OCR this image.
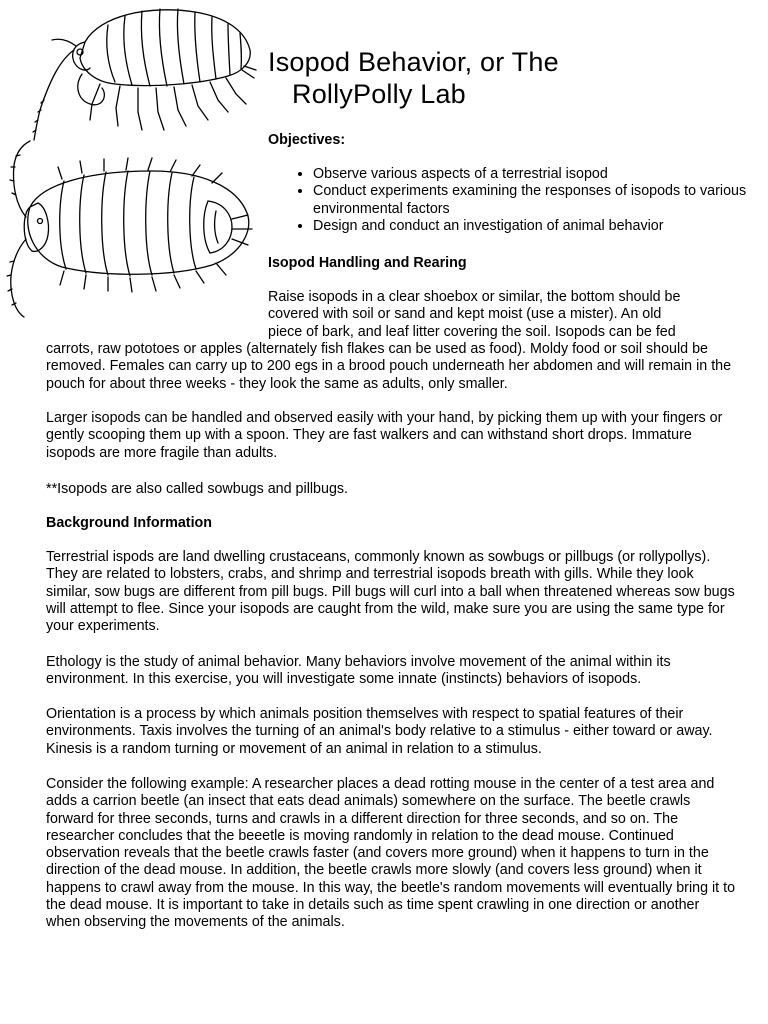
Isopod Behavior, or The
RollyPolly Lab

Objectives:

• Observe various aspects of a terrestrial isopod
• Conduct experiments examining the responses of isopods to various environmental factors
• Design and conduct an investigation of animal behavior

Isopod Handling and Rearing

Raise isopods in a clear shoebox or similar, the bottom should be
covered with soil or sand and kept moist (use a mister). An old
piece of bark, and leaf litter covering the soil. Isopods can be fed

carrots, raw pototoes or apples (alternately fish flakes can be used as food). Moldy food or soil should be removed. Females can carry up to 200 egs in a brood pouch underneath her abdomen and will remain in the pouch for about three weeks - they look the same as adults, only smaller.

Larger isopods can be handled and observed easily with your hand, by picking them up with your fingers or gently scooping them up with a spoon. They are fast walkers and can withstand short drops. Immature isopods are more fragile than adults.

**Isopods are also called sowbugs and pillbugs.

Background Information

Terrestrial ispods are land dwelling crustaceans, commonly known as sowbugs or pillbugs (or rollypollys). They are related to lobsters, crabs, and shrimp and terrestrial isopods breath with gills. While they look similar, sow bugs are different from pill bugs. Pill bugs will curl into a ball when threatened whereas sow bugs will attempt to flee. Since your isopods are caught from the wild, make sure you are using the same type for your experiments.

Ethology is the study of animal behavior. Many behaviors involve movement of the animal within its environment. In this exercise, you will investigate some innate (instincts) behaviors of isopods.

Orientation is a process by which animals position themselves with respect to spatial features of their environments. Taxis involves the turning of an animal's body relative to a stimulus - either toward or away. Kinesis is a random turning or movement of an animal in relation to a stimulus.

Consider the following example: A researcher places a dead rotting mouse in the center of a test area and adds a carrion beetle (an insect that eats dead animals) somewhere on the surface. The beetle crawls forward for three seconds, turns and crawls in a different direction for three seconds, and so on. The researcher concludes that the beeetle is moving randomly in relation to the dead mouse. Continued observation reveals that the beetle crawls faster (and covers more ground) when it happens to turn in the direction of the dead mouse. In addition, the beetle crawls more slowly (and covers less ground) when it happens to crawl away from the mouse. In this way, the beetle's random movements will eventually bring it to the dead mouse. It is important to take in details such as time spent crawling in one direction or another when observing the movements of the animals.
